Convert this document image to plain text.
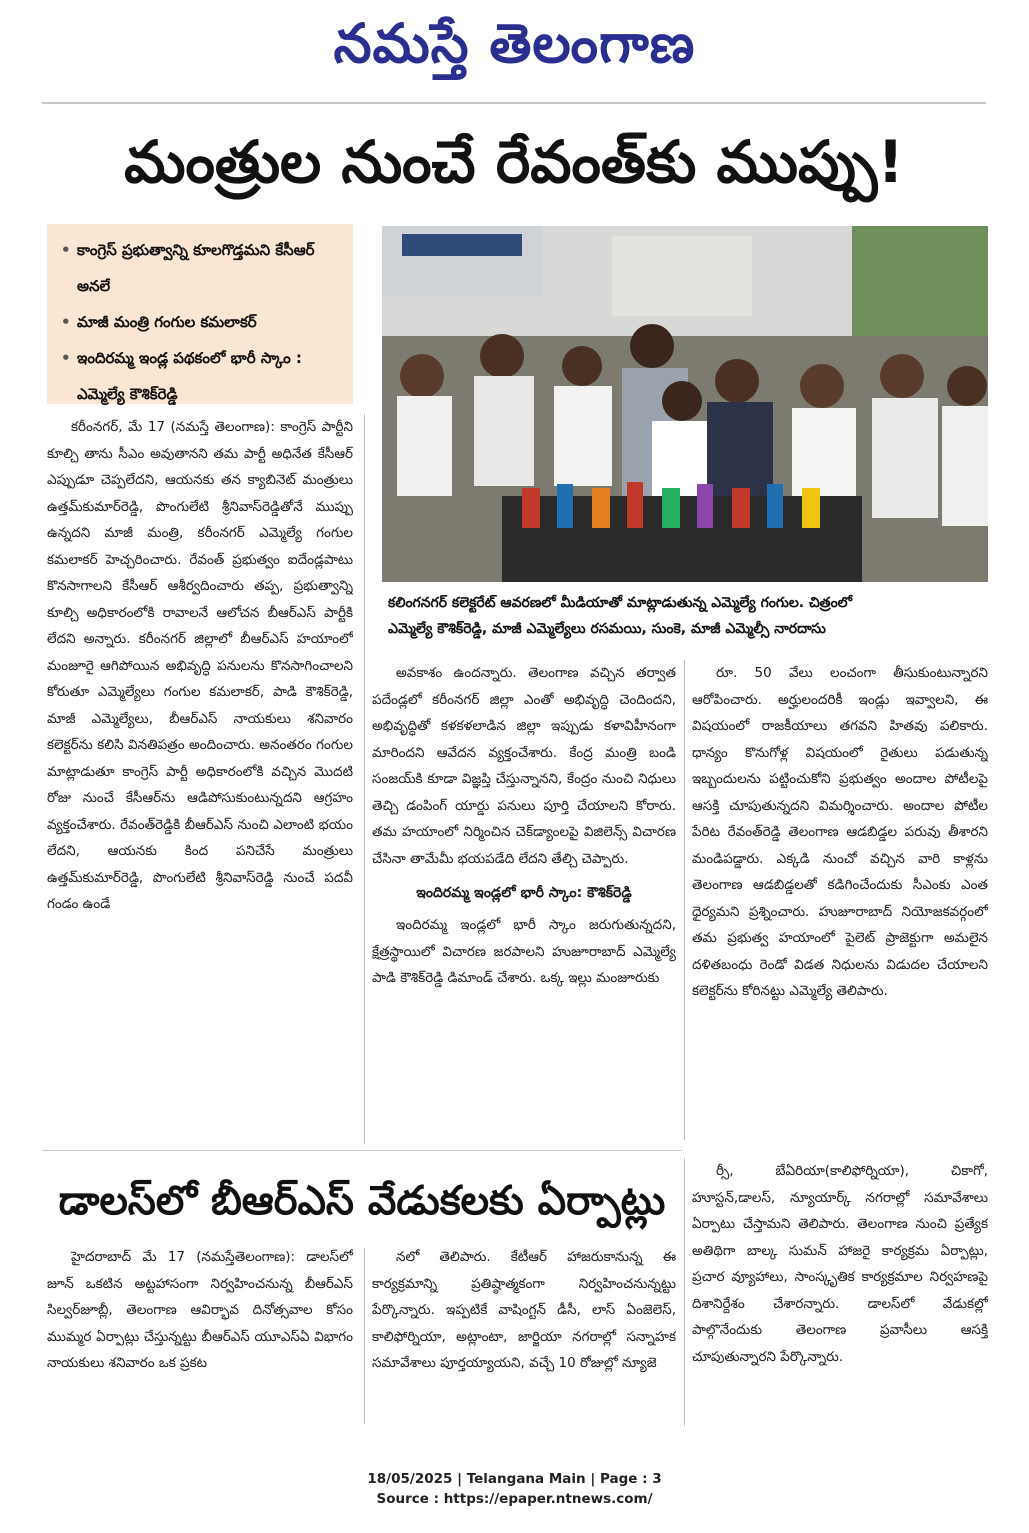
నమస్తే తెలంగాణ
మంత్రుల నుంచే రేవంత్‌కు ముప్పు!
• కాంగ్రెస్ ప్రభుత్వాన్ని కూలగొడ్తమని కేసీఆర్ అనలే
• మాజీ మంత్రి గంగుల కమలాకర్
• ఇందిరమ్మ ఇండ్ల పథకంలో భారీ స్కాం : ఎమ్మెల్యే కౌశిక్‌రెడ్డి
కలింగనగర్ కలెక్టరేట్ ఆవరణలో మీడియాతో మాట్లాడుతున్న ఎమ్మెల్యే గంగుల. చిత్రంలో
ఎమ్మెల్యే కౌశిక్‌రెడ్డి, మాజీ ఎమ్మెల్యేలు రసమయి, సుంకె, మాజీ ఎమ్మెల్సీ నారదాసు

కరీంనగర్, మే 17 (నమస్తే తెలంగాణ): కాంగ్రెస్ పార్టీని కూల్చి తాను సీఎం అవుతానని తమ పార్టీ అధినేత కేసీఆర్ ఎప్పుడూ చెప్పలేదని, ఆయనకు తన క్యాబినెట్ మంత్రులు ఉత్తమ్‌కుమార్‌రెడ్డి, పొంగులేటి శ్రీనివాస్‌రెడ్డితోనే ముప్పు ఉన్నదని మాజీ మంత్రి, కరీంనగర్ ఎమ్మెల్యే గంగుల కమలాకర్ హెచ్చరించారు. రేవంత్ ప్రభుత్వం ఐదేండ్లపాటు కొనసాగాలని కేసీఆర్ ఆశీర్వదించారు తప్ప, ప్రభుత్వాన్ని కూల్చి అధికారంలోకి రావాలనే ఆలోచన బీఆర్‌ఎస్ పార్టీకి లేదని అన్నారు. కరీంనగర్ జిల్లాలో బీఆర్‌ఎస్ హయాంలో మంజూరై ఆగిపోయిన అభివృద్ధి పనులను కొనసాగించాలని కోరుతూ ఎమ్మెల్యేలు గంగుల కమలాకర్, పాడి కౌశిక్‌రెడ్డి, మాజీ ఎమ్మెల్యేలు, బీఆర్‌ఎస్ నాయకులు శనివారం కలెక్టర్‌ను కలిసి వినతిపత్రం అందించారు. అనంతరం గంగుల మాట్లాడుతూ కాంగ్రెస్ పార్టీ అధికారంలోకి వచ్చిన మొదటి రోజు నుంచే కేసీఆర్‌ను ఆడిపోసుకుంటున్నదని ఆగ్రహం వ్యక్తంచేశారు. రేవంత్‌రెడ్డికి బీఆర్‌ఎస్ నుంచి ఎలాంటి భయం లేదని, ఆయనకు కింద పనిచేసే మంత్రులు ఉత్తమ్‌కుమార్‌రెడ్డి, పొంగులేటి శ్రీనివాస్‌రెడ్డి నుంచే పదవీ గండం ఉండే

అవకాశం ఉందన్నారు. తెలంగాణ వచ్చిన తర్వాత పదేండ్లలో కరీంనగర్ జిల్లా ఎంతో అభివృద్ధి చెందిందని, అభివృద్ధితో కళకళలాడిన జిల్లా ఇప్పుడు కళావిహీనంగా మారిందని ఆవేదన వ్యక్తంచేశారు. కేంద్ర మంత్రి బండి సంజయ్‌కి కూడా విజ్ఞప్తి చేస్తున్నానని, కేంద్రం నుంచి నిధులు తెచ్చి డంపింగ్ యార్డు పనులు పూర్తి చేయాలని కోరారు. తమ హయాంలో నిర్మించిన చెక్‌డ్యాంలపై విజిలెన్స్ విచారణ చేసినా తామేమీ భయపడేది లేదని తేల్చి చెప్పారు.

ఇందిరమ్మ ఇండ్లలో భారీ స్కాం: కౌశిక్‌రెడ్డి

ఇందిరమ్మ ఇండ్లలో భారీ స్కాం జరుగుతున్నదని, క్షేత్రస్థాయిలో విచారణ జరపాలని హుజూరాబాద్ ఎమ్మెల్యే పాడి కౌశిక్‌రెడ్డి డిమాండ్ చేశారు. ఒక్క ఇల్లు మంజూరుకు

రూ. 50 వేలు లంచంగా తీసుకుంటున్నారని ఆరోపించారు. అర్హులందరికీ ఇండ్లు ఇవ్వాలని, ఈ విషయంలో రాజకీయాలు తగవని హితవు పలికారు. ధాన్యం కొనుగోళ్ల విషయంలో రైతులు పడుతున్న ఇబ్బందులను పట్టించుకోని ప్రభుత్వం అందాల పోటీలపై ఆసక్తి చూపుతున్నదని విమర్శించారు. అందాల పోటీల పేరిట రేవంత్‌రెడ్డి తెలంగాణ ఆడబిడ్డల పరువు తీశారని మండిపడ్డారు. ఎక్కడి నుంచో వచ్చిన వారి కాళ్లను తెలంగాణ ఆడబిడ్డలతో కడిగించేందుకు సీఎంకు ఎంత ధైర్యమని ప్రశ్నించారు. హుజూరాబాద్ నియోజకవర్గంలో తమ ప్రభుత్వ హయాంలో పైలెట్ ప్రాజెక్టుగా అమలైన దళితబంధు రెండో విడత నిధులను విడుదల చేయాలని కలెక్టర్‌ను కోరినట్టు ఎమ్మెల్యే తెలిపారు.

డాలస్‌లో బీఆర్‌ఎస్ వేడుకలకు ఏర్పాట్లు

హైదరాబాద్ మే 17 (నమస్తేతెలంగాణ): డాలస్‌లో జూన్ ఒకటిన అట్టహాసంగా నిర్వహించనున్న బీఆర్‌ఎస్ సిల్వర్‌జూబ్లీ, తెలంగాణ ఆవిర్భావ దినోత్సవాల కోసం ముమ్మర ఏర్పాట్లు చేస్తున్నట్టు బీఆర్‌ఎస్ యూఎస్‌ఏ విభాగం నాయకులు శనివారం ఒక ప్రకట

నలో తెలిపారు. కేటీఆర్ హాజరుకానున్న ఈ కార్యక్రమాన్ని ప్రతిష్ఠాత్మకంగా నిర్వహించనున్నట్టు పేర్కొన్నారు. ఇప్పటికే వాషింగ్టన్ డీసీ, లాస్ ఏంజెలెస్, కాలిఫోర్నియా, అట్లాంటా, జార్జియా నగరాల్లో సన్నాహక సమావేశాలు పూర్తయ్యాయని, వచ్చే 10 రోజుల్లో న్యూజె

ర్సీ, బేఏరియా(కాలిఫోర్నియా), చికాగో, హూస్టన్,డాలస్, న్యూయార్క్ నగరాల్లో సమావేశాలు ఏర్పాటు చేస్తామని తెలిపారు. తెలంగాణ నుంచి ప్రత్యేక అతిథిగా బాల్క సుమన్ హాజరై కార్యక్రమ ఏర్పాట్లు, ప్రచార వ్యూహాలు, సాంస్కృతిక కార్యక్రమాల నిర్వహణపై దిశానిర్దేశం చేశారన్నారు. డాలస్‌లో వేడుకల్లో పాల్గొనేందుకు తెలంగాణ ప్రవాసీలు ఆసక్తి చూపుతున్నారని పేర్కొన్నారు.

18/05/2025 | Telangana Main | Page : 3
Source : https://epaper.ntnews.com/
